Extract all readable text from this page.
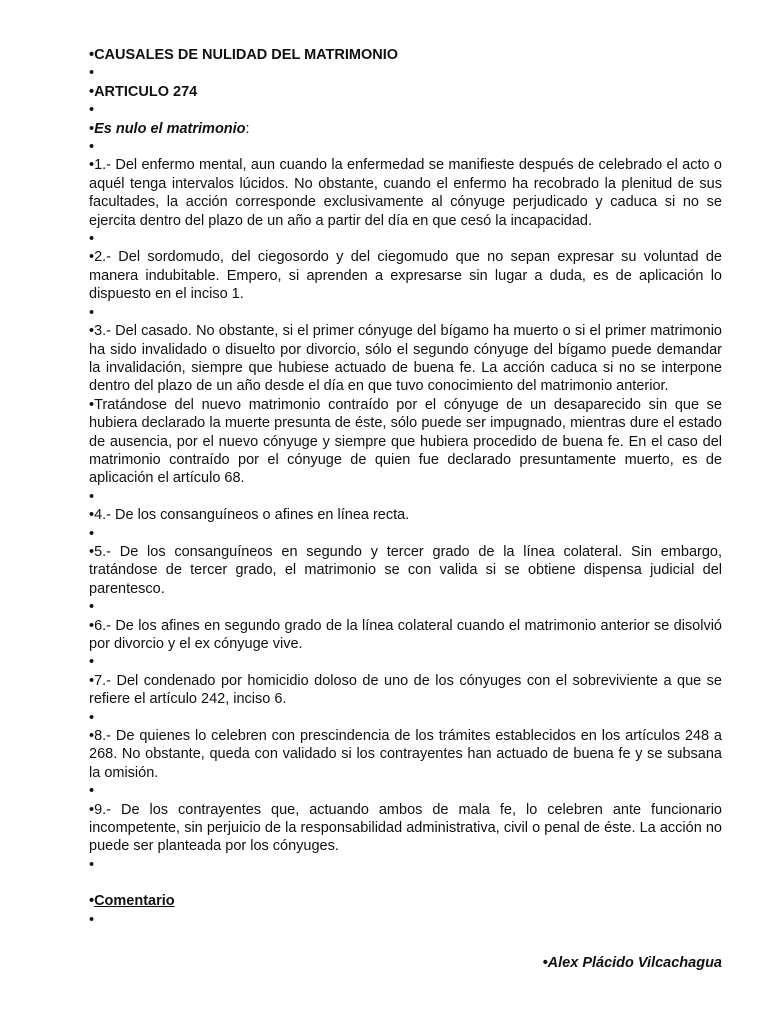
•CAUSALES DE NULIDAD DEL MATRIMONIO
•
•ARTICULO 274
•
•Es nulo el matrimonio:
•
•1.- Del enfermo mental, aun cuando la enfermedad se manifieste después de celebrado el acto o aquél tenga intervalos lúcidos. No obstante, cuando el enfermo ha recobrado la plenitud de sus facultades, la acción corresponde exclusivamente al cónyuge perjudicado y caduca si no se ejercita dentro del plazo de un año a partir del día en que cesó la incapacidad.
•
•2.- Del sordomudo, del ciegosordo y del ciegomudo que no sepan expresar su voluntad de manera indubitable. Empero, si aprenden a expresarse sin lugar a duda, es de aplicación lo dispuesto en el inciso 1.
•
•3.- Del casado. No obstante, si el primer cónyuge del bígamo ha muerto o si el primer matrimonio ha sido invalidado o disuelto por divorcio, sólo el segundo cónyuge del bígamo puede demandar la invalidación, siempre que hubiese actuado de buena fe. La acción caduca si no se interpone dentro del plazo de un año desde el día en que tuvo conocimiento del matrimonio anterior.
•Tratándose del nuevo matrimonio contraído por el cónyuge de un desaparecido sin que se hubiera declarado la muerte presunta de éste, sólo puede ser impugnado, mientras dure el estado de ausencia, por el nuevo cónyuge y siempre que hubiera procedido de buena fe. En el caso del matrimonio contraído por el cónyuge de quien fue declarado presuntamente muerto, es de aplicación el artículo 68.
•
•4.- De los consanguíneos o afines en línea recta.
•
•5.- De los consanguíneos en segundo y tercer grado de la línea colateral. Sin embargo, tratándose de tercer grado, el matrimonio se con valida si se obtiene dispensa judicial del parentesco.
•
•6.- De los afines en segundo grado de la línea colateral cuando el matrimonio anterior se disolvió por divorcio y el ex cónyuge vive.
•
•7.- Del condenado por homicidio doloso de uno de los cónyuges con el sobreviviente a que se refiere el artículo 242, inciso 6.
•
•8.- De quienes lo celebren con prescindencia de los trámites establecidos en los artículos 248 a 268. No obstante, queda con validado si los contrayentes han actuado de buena fe y se subsana la omisión.
•
•9.- De los contrayentes que, actuando ambos de mala fe, lo celebren ante funcionario incompetente, sin perjuicio de la responsabilidad administrativa, civil o penal de éste. La acción no puede ser planteada por los cónyuges.
•
•Comentario
•
•Alex Plácido Vilcachagua
